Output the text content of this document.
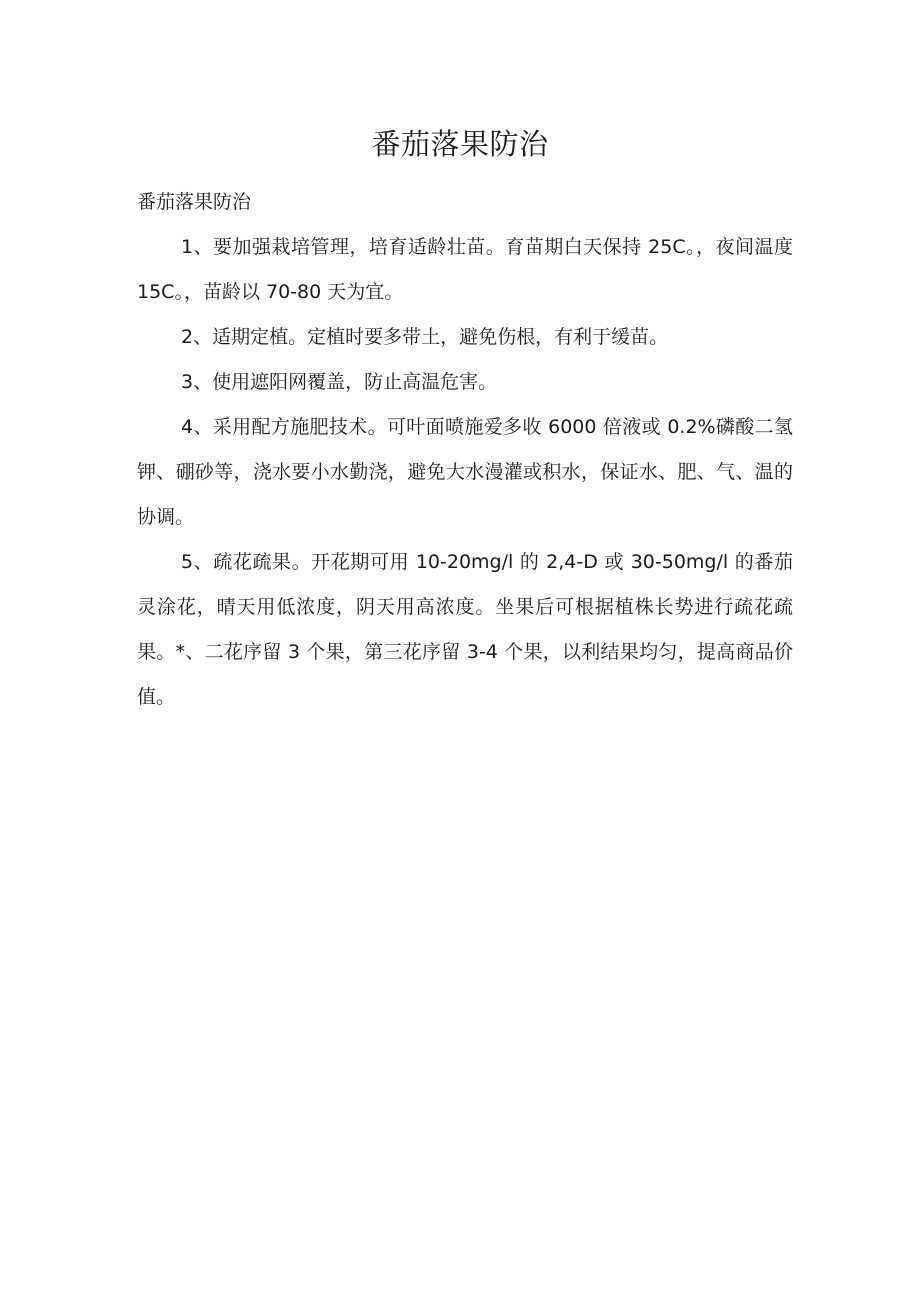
番茄落果防治

番茄落果防治

1、要加强栽培管理，培育适龄壮苗。育苗期白天保持 25C。，夜间温度 15C。，苗龄以 70-80 天为宜。

2、适期定植。定植时要多带土，避免伤根，有利于缓苗。

3、使用遮阳网覆盖，防止高温危害。

4、采用配方施肥技术。可叶面喷施爱多收 6000 倍液或 0.2%磷酸二氢钾、硼砂等，浇水要小水勤浇，避免大水漫灌或积水，保证水、肥、气、温的协调。

5、疏花疏果。开花期可用 10-20mg/l 的 2,4-D 或 30-50mg/l 的番茄灵涂花，晴天用低浓度，阴天用高浓度。坐果后可根据植株长势进行疏花疏果。*、二花序留 3 个果，第三花序留 3-4 个果，以利结果均匀，提高商品价值。
